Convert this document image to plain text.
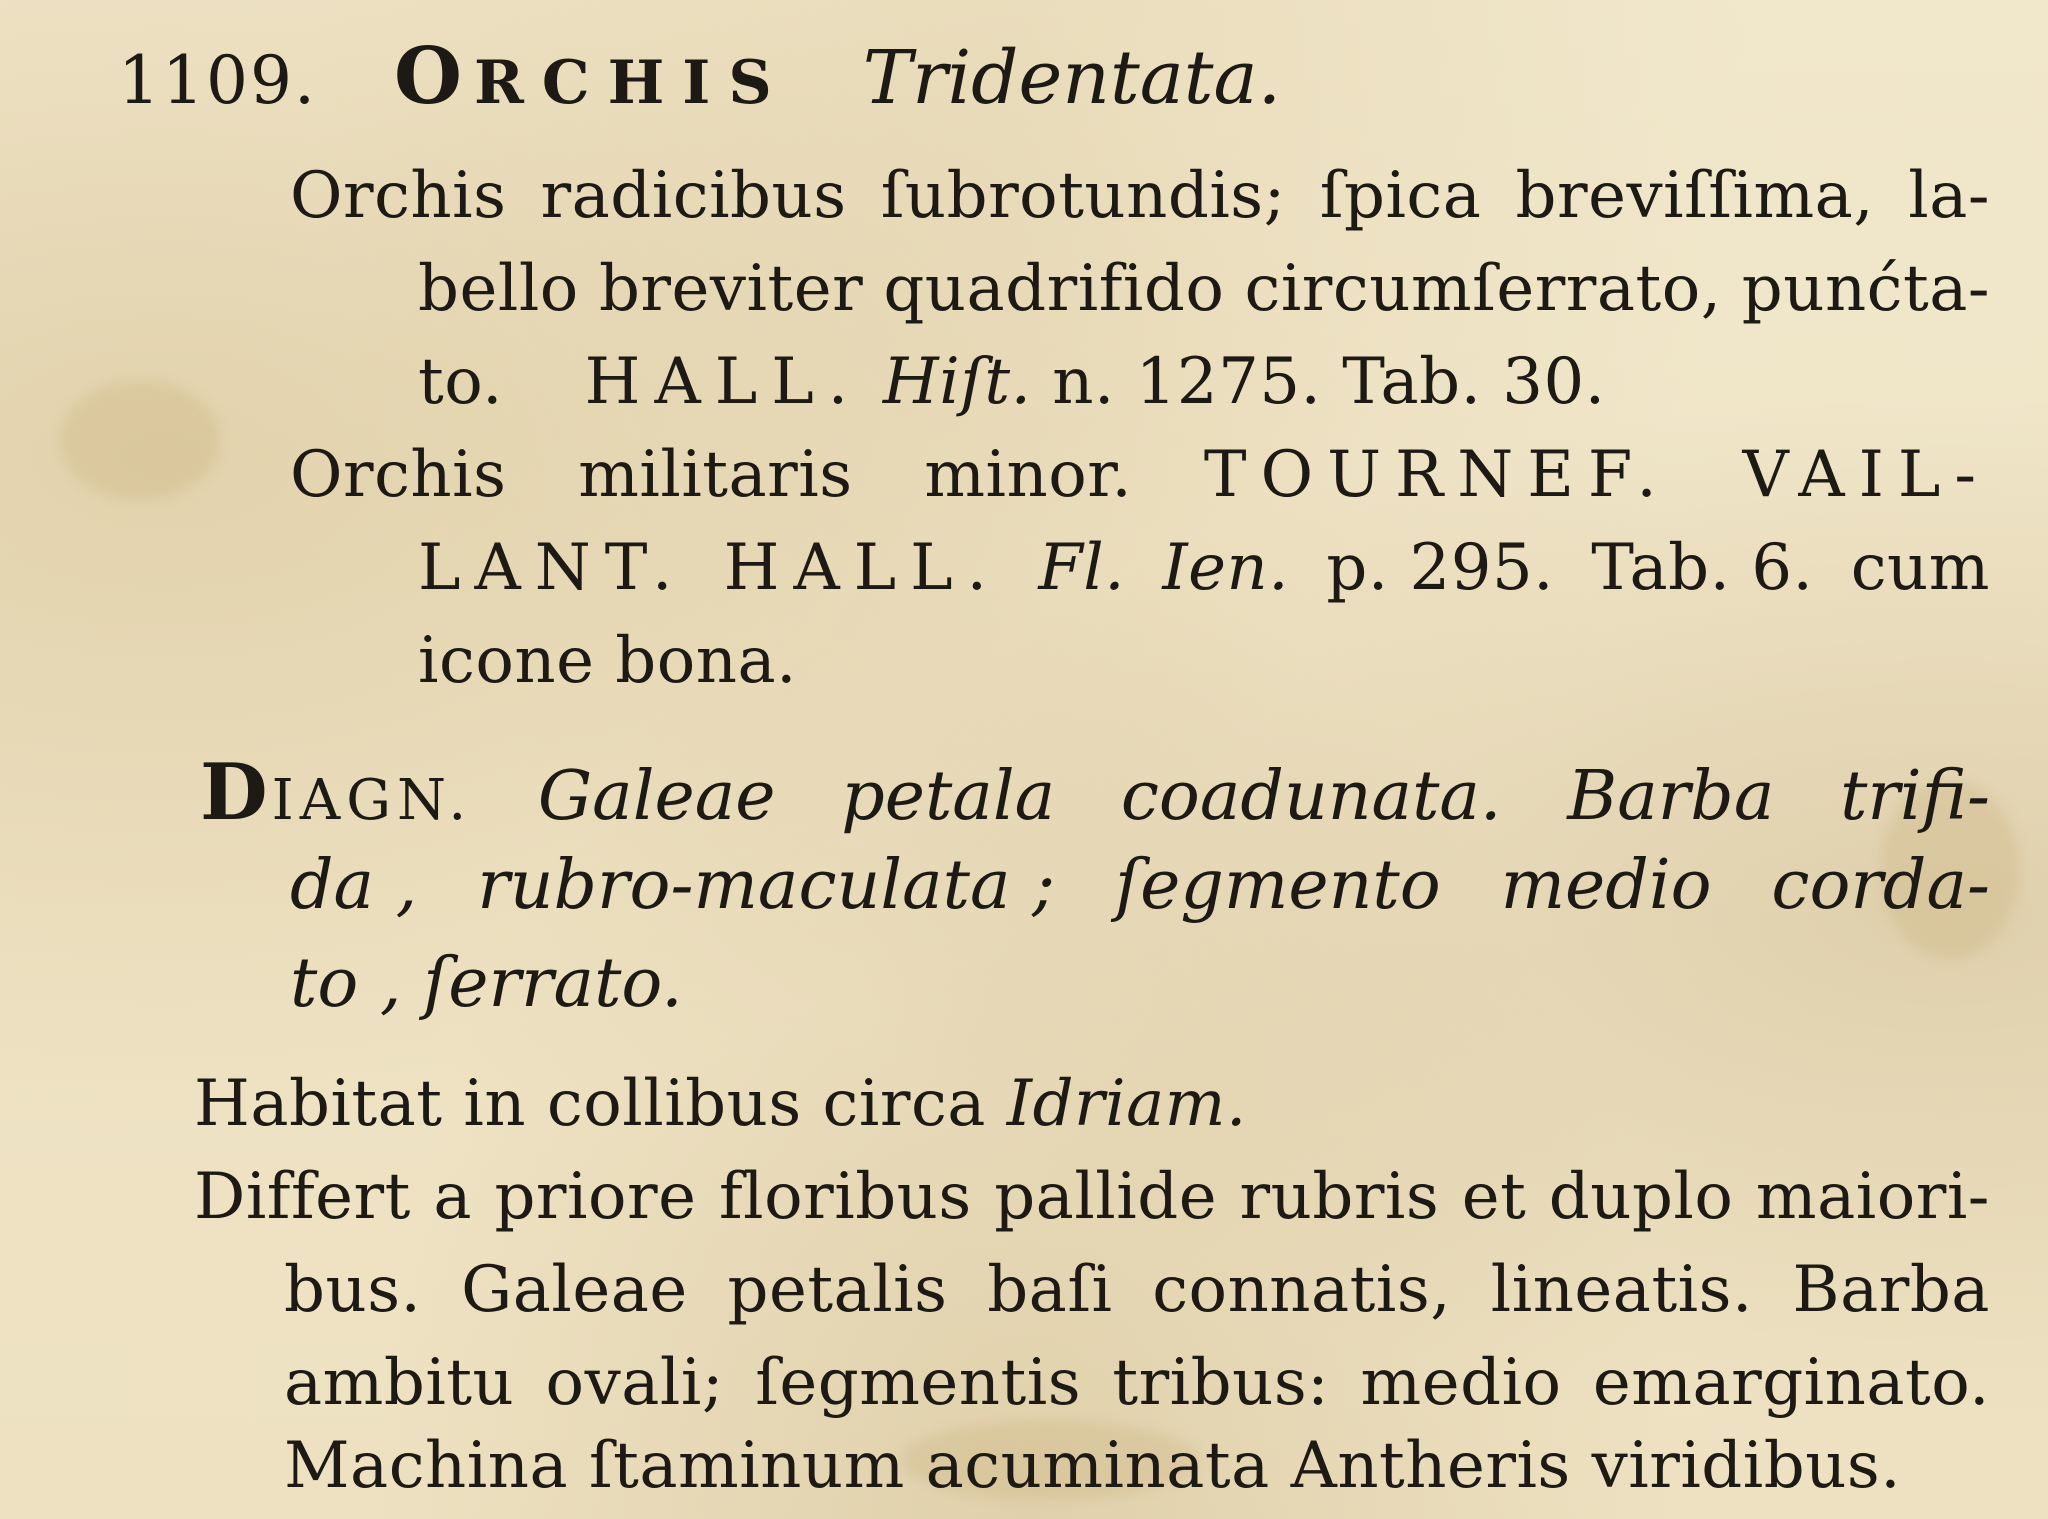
1109. ORCHIS Tridentata.
Orchis radicibus ſubrotundis; ſpica breviſſima, la-
bello breviter quadrifido circumſerrato, punćta-
to. HALL. Hiſt. n. 1275. Tab. 30.
Orchis militaris minor. TOURNEF. VAIL-
LANT. HALL. Fl. Ien. p. 295. Tab. 6. cum
icone bona.
DIAGN. Galeae petala coadunata. Barba trifi-
da , rubro-maculata ; ſegmento medio corda-
to , ſerrato.
Habitat in collibus circa Idriam.
Differt a priore floribus pallide rubris et duplo maiori-
bus. Galeae petalis baſi connatis, lineatis. Barba
ambitu ovali; ſegmentis tribus: medio emarginato.
Machina ſtaminum acuminata Antheris viridibus.
